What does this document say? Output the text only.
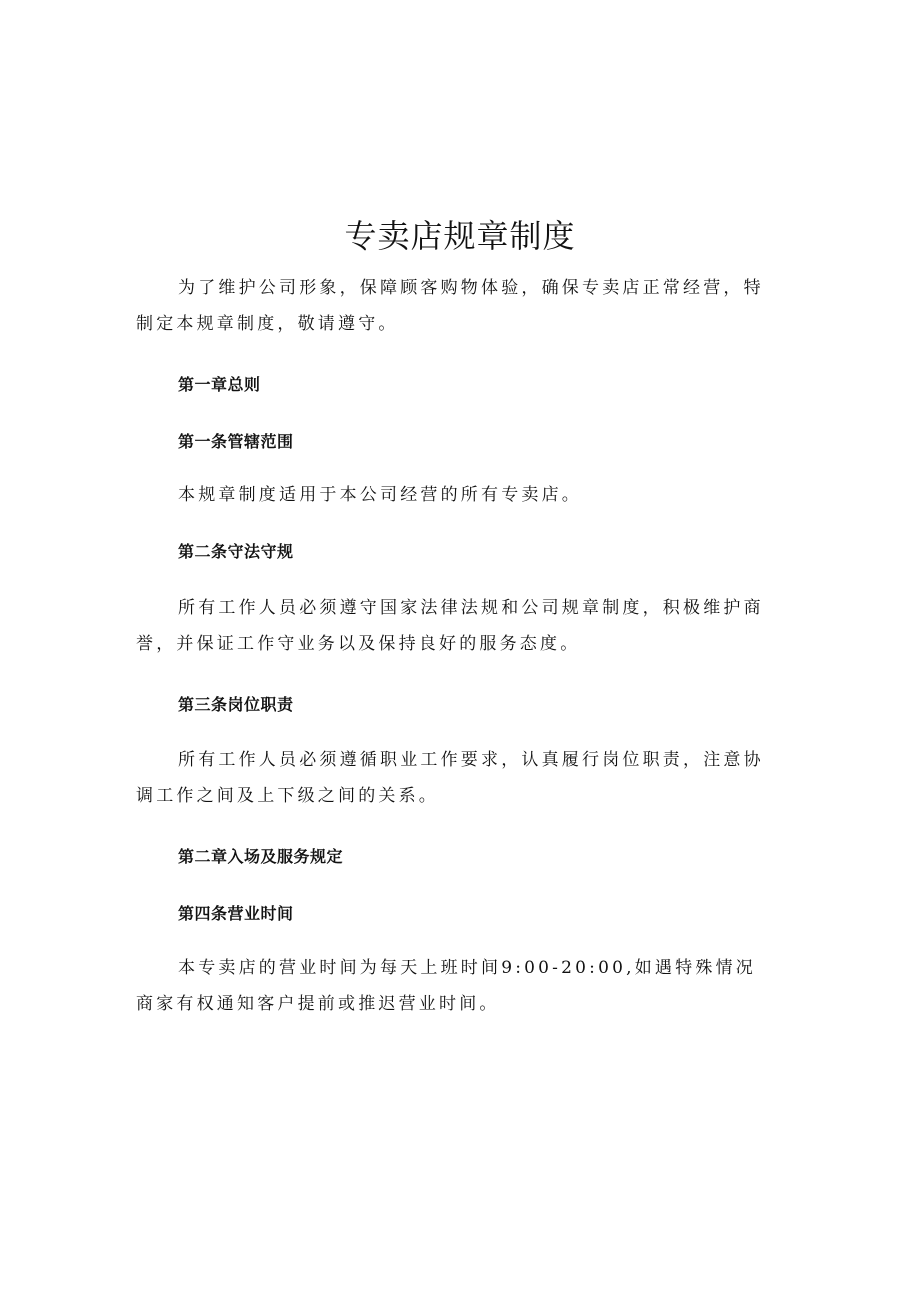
专卖店规章制度

为了维护公司形象，保障顾客购物体验，确保专卖店正常经营，特制定本规章制度，敬请遵守。

第一章总则
第一条管辖范围

本规章制度适用于本公司经营的所有专卖店。

第二条守法守规

所有工作人员必须遵守国家法律法规和公司规章制度，积极维护商誉，并保证工作守业务以及保持良好的服务态度。

第三条岗位职责

所有工作人员必须遵循职业工作要求，认真履行岗位职责，注意协调工作之间及上下级之间的关系。

第二章入场及服务规定
第四条营业时间

本专卖店的营业时间为每天上班时间9:00-20:00,如遇特殊情况商家有权通知客户提前或推迟营业时间。
